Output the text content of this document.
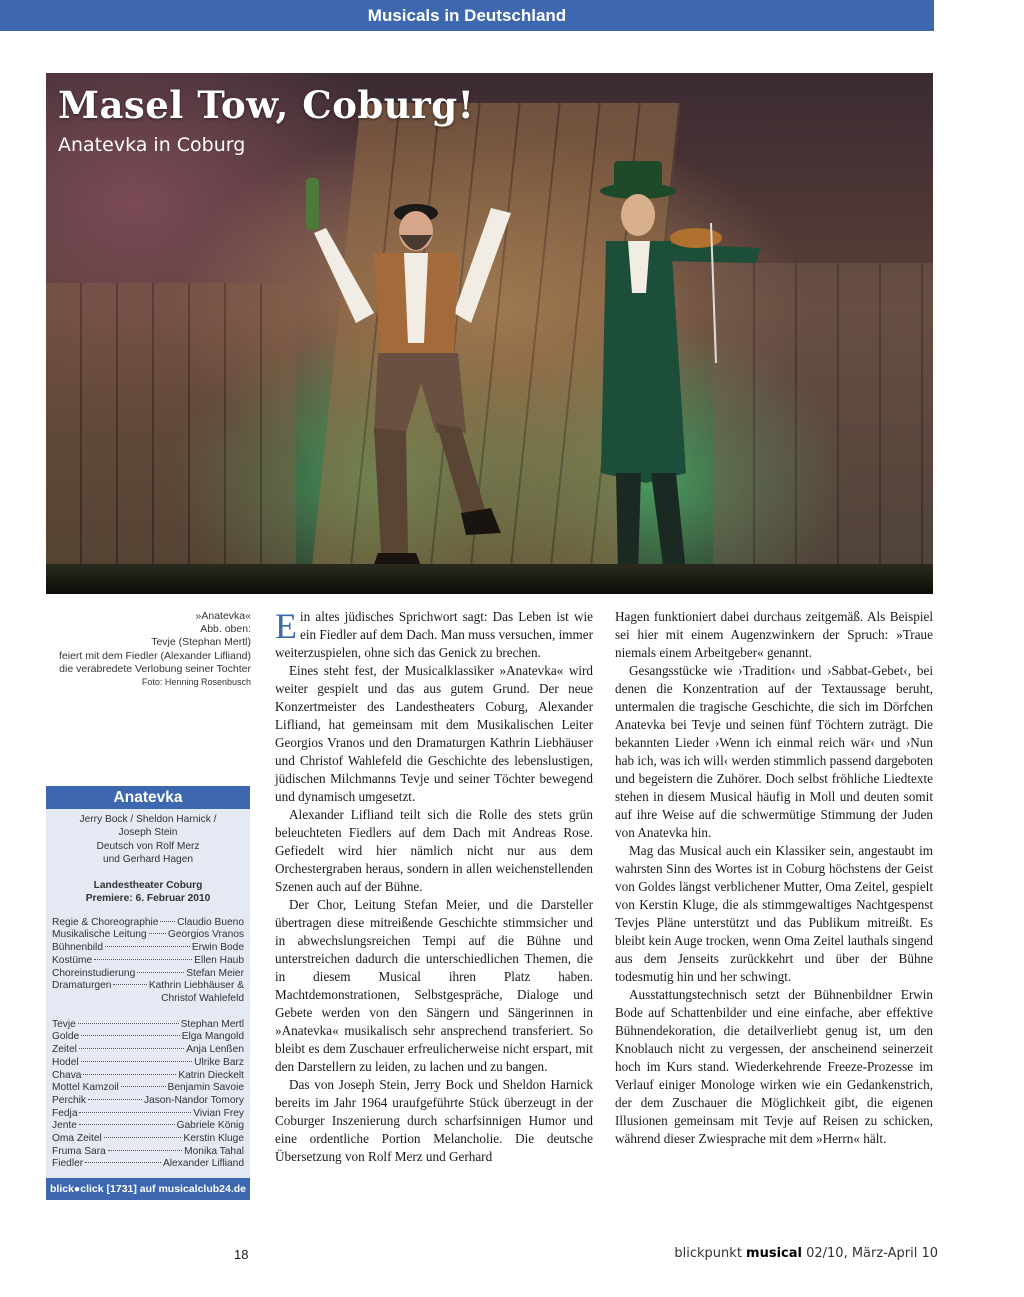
Musicals in Deutschland
Masel Tow, Coburg!
Anatevka in Coburg
»Anatevka«
Abb. oben:
Tevje (Stephan Mertl)
feiert mit dem Fiedler (Alexander Lifliand)
die verabredete Verlobung seiner Tochter
Foto: Henning Rosenbusch
Anatevka
Jerry Bock / Sheldon Harnick /
Joseph Stein
Deutsch von Rolf Merz
und Gerhard Hagen
Landestheater Coburg
Premiere: 6. Februar 2010
Regie & Choreographie Claudio Bueno
Musikalische Leitung Georgios Vranos
Bühnenbild	Erwin Bode
Kostüme	Ellen Haub
Choreinstudierung	Stefan Meier
Dramaturgen	Kathrin Liebhäuser &
Christof Wahlefeld
Tevje	Stephan Mertl
Golde	Elga Mangold
Zeitel	Anja Lenßen
Hodel	Ulrike Barz
Chava	Katrin Dieckelt
Mottel Kamzoil	Benjamin Savoie
Perchik	Jason-Nandor Tomory
Fedja	Vivian Frey
Jente	Gabriele König
Oma Zeitel	Kerstin Kluge
Fruma Sara	Monika Tahal
Fiedler	Alexander Lifliand
blick●click [1731] auf musicalclub24.de

Ein altes jüdisches Sprichwort sagt: Das Leben ist wie ein Fiedler auf dem Dach. Man muss versuchen, immer weiterzuspielen, ohne sich das Genick zu brechen.

Eines steht fest, der Musicalklassiker »Anatevka« wird weiter gespielt und das aus gutem Grund. Der neue Konzertmeister des Landestheaters Coburg, Alexander Lifliand, hat gemeinsam mit dem Musikalischen Leiter Georgios Vranos und den Dramaturgen Kathrin Liebhäuser und Christof Wahlefeld die Geschichte des lebenslustigen, jüdischen Milchmanns Tevje und seiner Töchter bewegend und dynamisch umgesetzt.

Alexander Lifliand teilt sich die Rolle des stets grün beleuchteten Fiedlers auf dem Dach mit Andreas Rose. Gefiedelt wird hier nämlich nicht nur aus dem Orchestergraben heraus, sondern in allen weichenstellenden Szenen auch auf der Bühne.

Der Chor, Leitung Stefan Meier, und die Darsteller übertragen diese mitreißende Geschichte stimmsicher und in abwechslungsreichen Tempi auf die Bühne und unterstreichen dadurch die unterschiedlichen Themen, die in diesem Musical ihren Platz haben. Machtdemonstrationen, Selbstgespräche, Dialoge und Gebete werden von den Sängern und Sängerinnen in »Anatevka« musikalisch sehr ansprechend transferiert. So bleibt es dem Zuschauer erfreulicherweise nicht erspart, mit den Darstellern zu leiden, zu lachen und zu bangen.

Das von Joseph Stein, Jerry Bock und Sheldon Harnick bereits im Jahr 1964 uraufgeführte Stück überzeugt in der Coburger Inszenierung durch scharfsinnigen Humor und eine ordentliche Portion Melancholie. Die deutsche Übersetzung von Rolf Merz und Gerhard

Hagen funktioniert dabei durchaus zeitgemäß. Als Beispiel sei hier mit einem Augenzwinkern der Spruch: »Traue niemals einem Arbeitgeber« genannt.

Gesangsstücke wie ›Tradition‹ und ›Sabbat-Gebet‹, bei denen die Konzentration auf der Textaussage beruht, untermalen die tragische Geschichte, die sich im Dörfchen Anatevka bei Tevje und seinen fünf Töchtern zuträgt. Die bekannten Lieder ›Wenn ich einmal reich wär‹ und ›Nun hab ich, was ich will‹ werden stimmlich passend dargeboten und begeistern die Zuhörer. Doch selbst fröhliche Liedtexte stehen in diesem Musical häufig in Moll und deuten somit auf ihre Weise auf die schwermütige Stimmung der Juden von Anatevka hin.

Mag das Musical auch ein Klassiker sein, angestaubt im wahrsten Sinn des Wortes ist in Coburg höchstens der Geist von Goldes längst verblichener Mutter, Oma Zeitel, gespielt von Kerstin Kluge, die als stimmgewaltiges Nachtgespenst Tevjes Pläne unterstützt und das Publikum mitreißt. Es bleibt kein Auge trocken, wenn Oma Zeitel lauthals singend aus dem Jenseits zurückkehrt und über der Bühne todesmutig hin und her schwingt.

Ausstattungstechnisch setzt der Bühnenbildner Erwin Bode auf Schattenbilder und eine einfache, aber effektive Bühnendekoration, die detailverliebt genug ist, um den Knoblauch nicht zu vergessen, der anscheinend seinerzeit hoch im Kurs stand. Wiederkehrende Freeze-Prozesse im Verlauf einiger Monologe wirken wie ein Gedankenstrich, der dem Zuschauer die Möglichkeit gibt, die eigenen Illusionen gemeinsam mit Tevje auf Reisen zu schicken, während dieser Zwiesprache mit dem »Herrn« hält.

18	blickpunkt musical 02/10, März-April 10
